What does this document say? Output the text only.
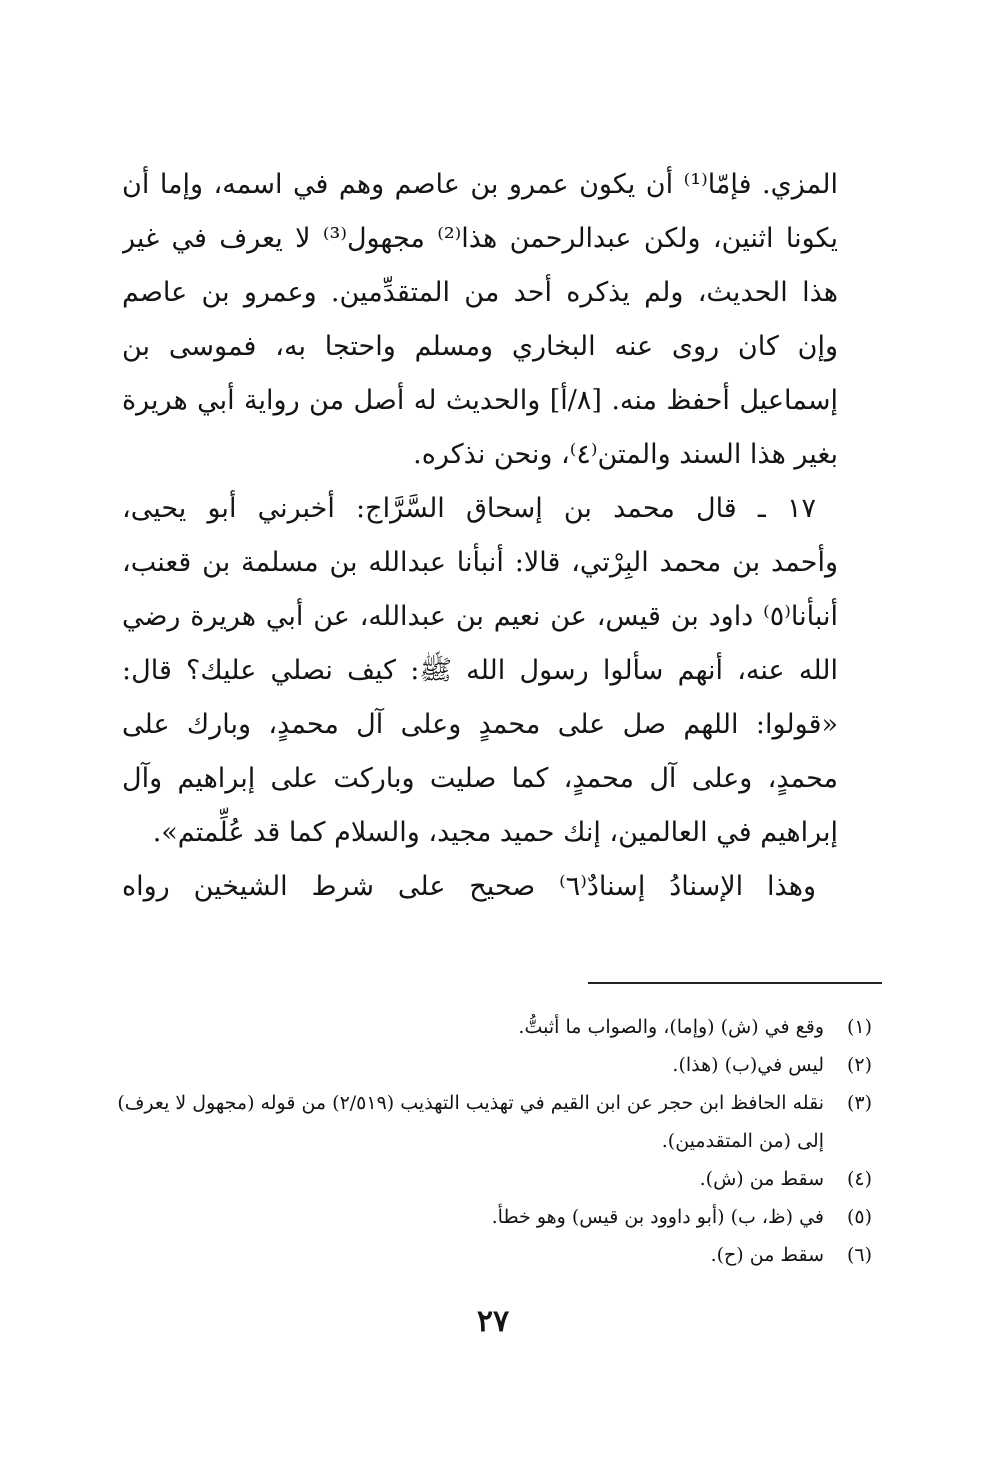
المزي. فإمّا⁽¹⁾ أن يكون عمرو بن عاصم وهم في اسمه، وإما أن
يكونا اثنين، ولكن عبدالرحمن هذا⁽²⁾ مجهول⁽³⁾ لا يعرف في غير
هذا الحديث، ولم يذكره أحد من المتقدِّمين. وعمرو بن عاصم
وإن كان روى عنه البخاري ومسلم واحتجا به، فموسى بن
إسماعيل أحفظ منه. [٨/أ] والحديث له أصل من رواية أبي هريرة
بغير هذا السند والمتن⁽٤⁾، ونحن نذكره.
١٧ ـ قال محمد بن إسحاق السَّرَّاج: أخبرني أبو يحيى،
وأحمد بن محمد البِرْتي، قالا: أنبأنا عبدالله بن مسلمة بن قعنب،
أنبأنا⁽٥⁾ داود بن قيس، عن نعيم بن عبدالله، عن أبي هريرة رضي
الله عنه، أنهم سألوا رسول الله ﷺ: كيف نصلي عليك؟ قال:
«قولوا: اللهم صل على محمدٍ وعلى آل محمدٍ، وبارك على
محمدٍ، وعلى آل محمدٍ، كما صليت وباركت على إبراهيم وآل
إبراهيم في العالمين، إنك حميد مجيد، والسلام كما قد عُلِّمتم».
وهذا الإسنادُ إسنادٌ⁽٦⁾ صحيح على شرط الشيخين رواه
(١)
وقع في (ش) (وإما)، والصواب ما أثبتُّ.
(٢)
ليس في(ب) (هذا).
(٣)
نقله الحافظ ابن حجر عن ابن القيم في تهذيب التهذيب (٢/٥١٩) من قوله (مجهول لا يعرف) إلى (من المتقدمين).
(٤)
سقط من (ش).
(٥)
في (ظ، ب) (أبو داوود بن قيس) وهو خطأ.
(٦)
سقط من (ح).
٢٧
